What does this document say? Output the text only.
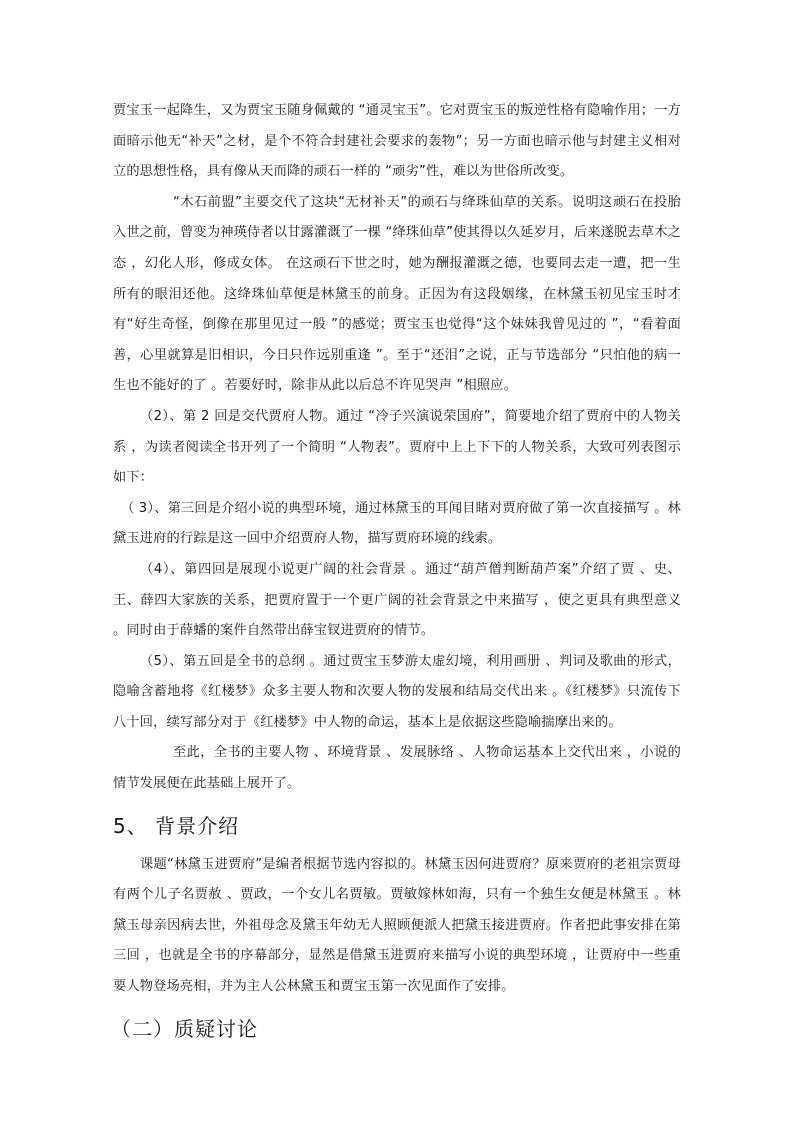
贾宝玉一起降生，又为贾宝玉随身佩戴的 “通灵宝玉”。它对贾宝玉的叛逆性格有隐喻作用；一方面暗示他无“补天”之材，是个不符合封建社会要求的轰物”；另一方面也暗示他与封建主义相对立的思想性格，具有像从天而降的顽石一样的 “顽劣”性，难以为世俗所改变。

“木石前盟”主要交代了这块“无材补天”的顽石与绛珠仙草的关系。说明这顽石在投胎入世之前，曾变为神瑛侍者以甘露灌溉了一棵 “绛珠仙草”使其得以久延岁月，后来遂脱去草木之态 ，幻化人形，修成女体。 在这顽石下世之时，她为酬报灌溉之德，也要同去走一遭，把一生所有的眼泪还他。这绛珠仙草便是林黛玉的前身。正因为有这段姻缘，在林黛玉初见宝玉时才有“好生奇怪，倒像在那里见过一般 ”的感觉；贾宝玉也觉得“这个妹妹我曾见过的 ”，“看着面善，心里就算是旧相识，今日只作远别重逢 ”。至于“还泪”之说，正与节选部分 “只怕他的病一生也不能好的了 。若要好时，除非从此以后总不许见哭声 ”相照应。

（2）、第 2 回是交代贾府人物。通过 “冷子兴演说荣国府”，简要地介绍了贾府中的人物关系 ，为读者阅读全书开列了一个简明 “人物表”。贾府中上上下下的人物关系，大致可列表图示如下：

（ 3）、第三回是介绍小说的典型环境，通过林黛玉的耳闻目睹对贾府做了第一次直接描写 。林黛玉进府的行踪是这一回中介绍贾府人物，描写贾府环境的线索。

（4）、第四回是展现小说更广阔的社会背景 。通过“葫芦僧判断葫芦案”介绍了贾 、史、王、薛四大家族的关系，把贾府置于一个更广阔的社会背景之中来描写 ，使之更具有典型意义 。同时由于薛蟠的案件自然带出薛宝钗进贾府的情节。

（5）、第五回是全书的总纲 。通过贾宝玉梦游太虚幻境，利用画册 、判词及歌曲的形式，隐喻含蓄地将《红楼梦》众多主要人物和次要人物的发展和结局交代出来 。《红楼梦》只流传下八十回，续写部分对于《红楼梦》中人物的命运，基本上是依据这些隐喻揣摩出来的。

至此，全书的主要人物 、环境背景 、发展脉络 、人物命运基本上交代出来 ，小说的情节发展便在此基础上展开了。

5、 背景介绍

课题“林黛玉进贾府”是编者根据节选内容拟的。林黛玉因何进贾府？原来贾府的老祖宗贾母有两个儿子名贾赦 、贾政，一个女儿名贾敏。贾敏嫁林如海，只有一个独生女便是林黛玉 。林黛玉母亲因病去世，外祖母念及黛玉年幼无人照顾便派人把黛玉接进贾府。作者把此事安排在第三回 ，也就是全书的序幕部分，显然是借黛玉进贾府来描写小说的典型环境 ，让贾府中一些重要人物登场亮相，并为主人公林黛玉和贾宝玉第一次见面作了安排。

（二）质疑讨论
